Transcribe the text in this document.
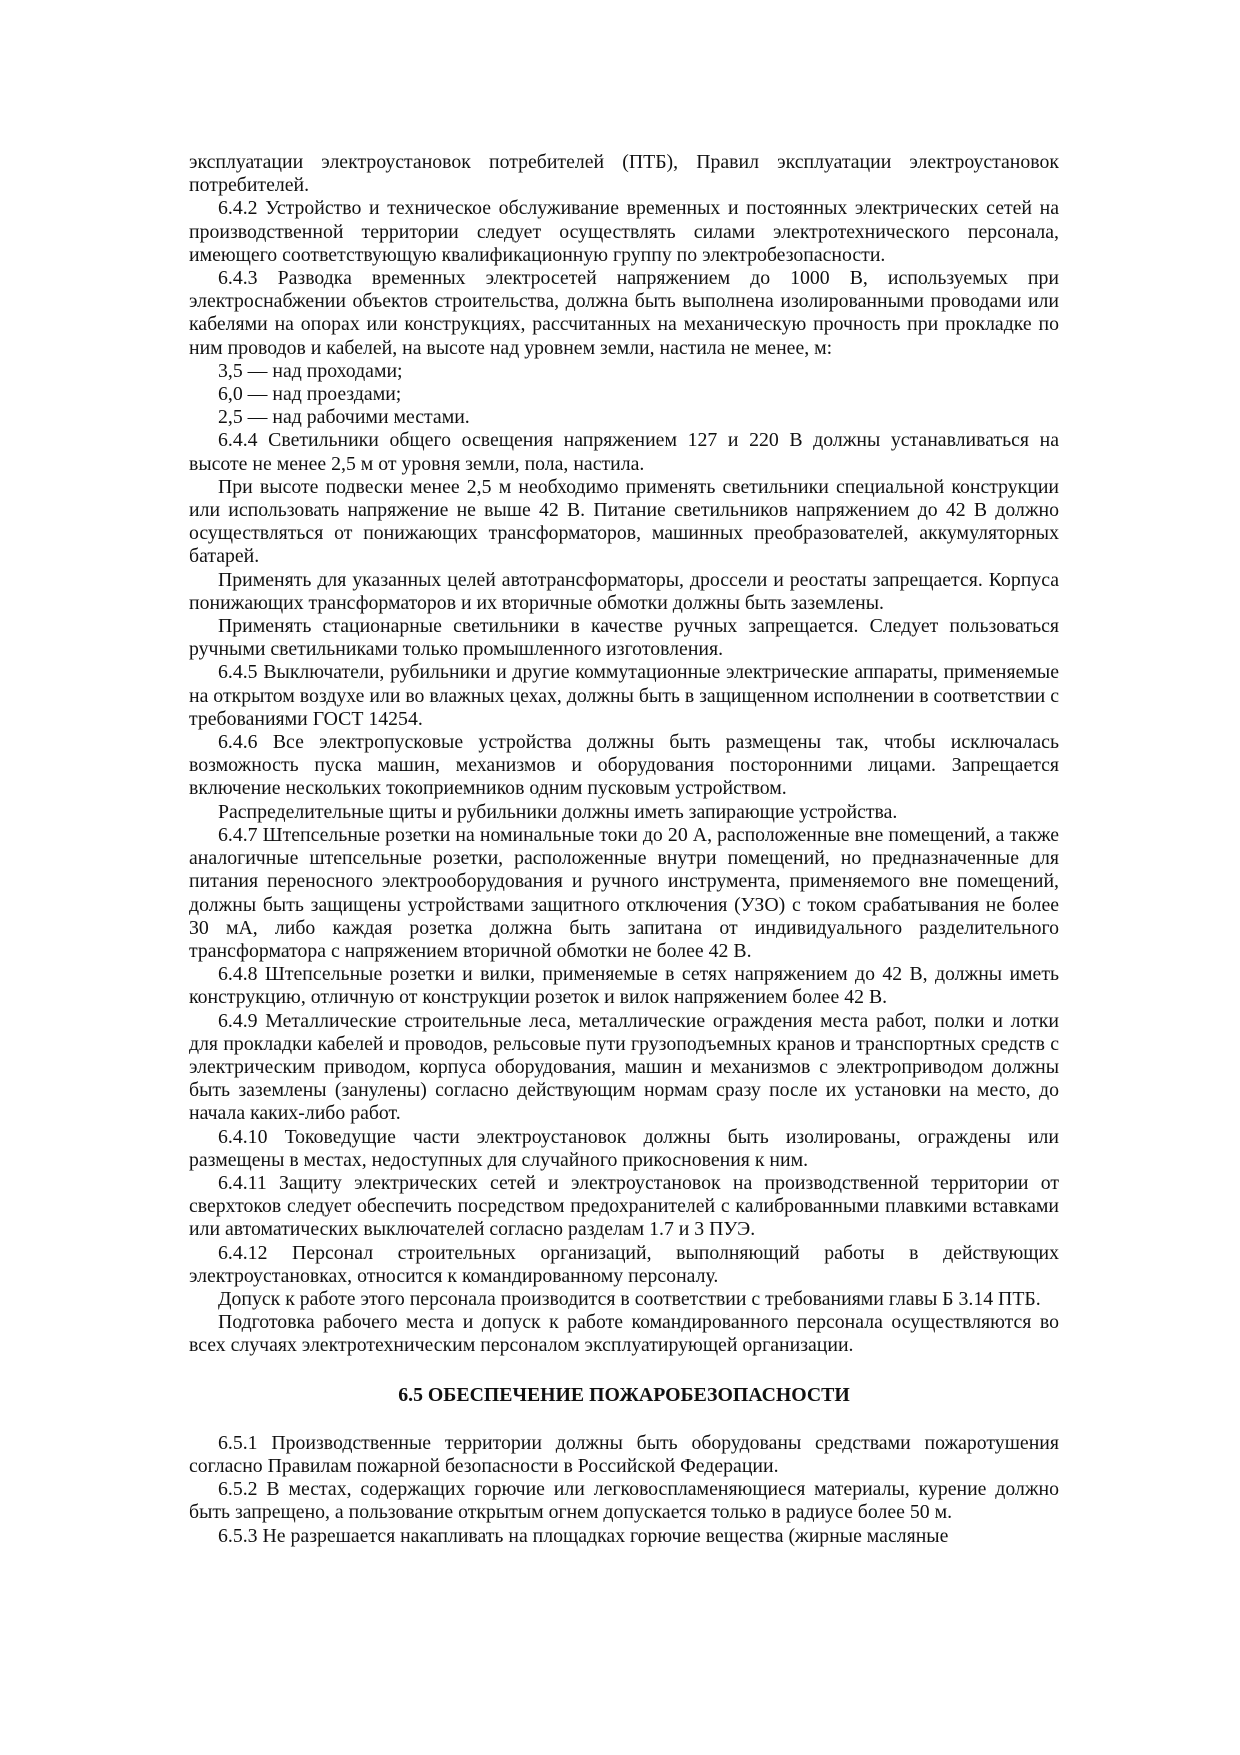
эксплуатации электроустановок потребителей (ПТБ), Правил эксплуатации электроустановок потребителей.

6.4.2 Устройство и техническое обслуживание временных и постоянных электрических сетей на производственной территории следует осуществлять силами электротехнического персонала, имеющего соответствующую квалификационную группу по электробезопасности.

6.4.3 Разводка временных электросетей напряжением до 1000 В, используемых при электроснабжении объектов строительства, должна быть выполнена изолированными проводами или кабелями на опорах или конструкциях, рассчитанных на механическую прочность при прокладке по ним проводов и кабелей, на высоте над уровнем земли, настила не менее, м:

3,5 — над проходами;

6,0 — над проездами;

2,5 — над рабочими местами.

6.4.4 Светильники общего освещения напряжением 127 и 220 В должны устанавливаться на высоте не менее 2,5 м от уровня земли, пола, настила.

При высоте подвески менее 2,5 м необходимо применять светильники специальной конструкции или использовать напряжение не выше 42 В. Питание светильников напряжением до 42 В должно осуществляться от понижающих трансформаторов, машинных преобразователей, аккумуляторных батарей.

Применять для указанных целей автотрансформаторы, дроссели и реостаты запрещается. Корпуса понижающих трансформаторов и их вторичные обмотки должны быть заземлены.

Применять стационарные светильники в качестве ручных запрещается. Следует пользоваться ручными светильниками только промышленного изготовления.

6.4.5 Выключатели, рубильники и другие коммутационные электрические аппараты, применяемые на открытом воздухе или во влажных цехах, должны быть в защищенном исполнении в соответствии с требованиями ГОСТ 14254.

6.4.6 Все электропусковые устройства должны быть размещены так, чтобы исключалась возможность пуска машин, механизмов и оборудования посторонними лицами. Запрещается включение нескольких токоприемников одним пусковым устройством.

Распределительные щиты и рубильники должны иметь запирающие устройства.

6.4.7 Штепсельные розетки на номинальные токи до 20 А, расположенные вне помещений, а также аналогичные штепсельные розетки, расположенные внутри помещений, но предназначенные для питания переносного электрооборудования и ручного инструмента, применяемого вне помещений, должны быть защищены устройствами защитного отключения (УЗО) с током срабатывания не более 30 мА, либо каждая розетка должна быть запитана от индивидуального разделительного трансформатора с напряжением вторичной обмотки не более 42 В.

6.4.8 Штепсельные розетки и вилки, применяемые в сетях напряжением до 42 В, должны иметь конструкцию, отличную от конструкции розеток и вилок напряжением более 42 В.

6.4.9 Металлические строительные леса, металлические ограждения места работ, полки и лотки для прокладки кабелей и проводов, рельсовые пути грузоподъемных кранов и транспортных средств с электрическим приводом, корпуса оборудования, машин и механизмов с электроприводом должны быть заземлены (занулены) согласно действующим нормам сразу после их установки на место, до начала каких-либо работ.

6.4.10 Токоведущие части электроустановок должны быть изолированы, ограждены или размещены в местах, недоступных для случайного прикосновения к ним.

6.4.11 Защиту электрических сетей и электроустановок на производственной территории от сверхтоков следует обеспечить посредством предохранителей с калиброванными плавкими вставками или автоматических выключателей согласно разделам 1.7 и 3 ПУЭ.

6.4.12 Персонал строительных организаций, выполняющий работы в действующих электроустановках, относится к командированному персоналу.

Допуск к работе этого персонала производится в соответствии с требованиями главы Б 3.14 ПТБ.

Подготовка рабочего места и допуск к работе командированного персонала осуществляются во всех случаях электротехническим персоналом эксплуатирующей организации.

6.5 ОБЕСПЕЧЕНИЕ ПОЖАРОБЕЗОПАСНОСТИ

6.5.1 Производственные территории должны быть оборудованы средствами пожаротушения согласно Правилам пожарной безопасности в Российской Федерации.

6.5.2 В местах, содержащих горючие или легковоспламеняющиеся материалы, курение должно быть запрещено, а пользование открытым огнем допускается только в радиусе более 50 м.

6.5.3 Не разрешается накапливать на площадках горючие вещества (жирные масляные
